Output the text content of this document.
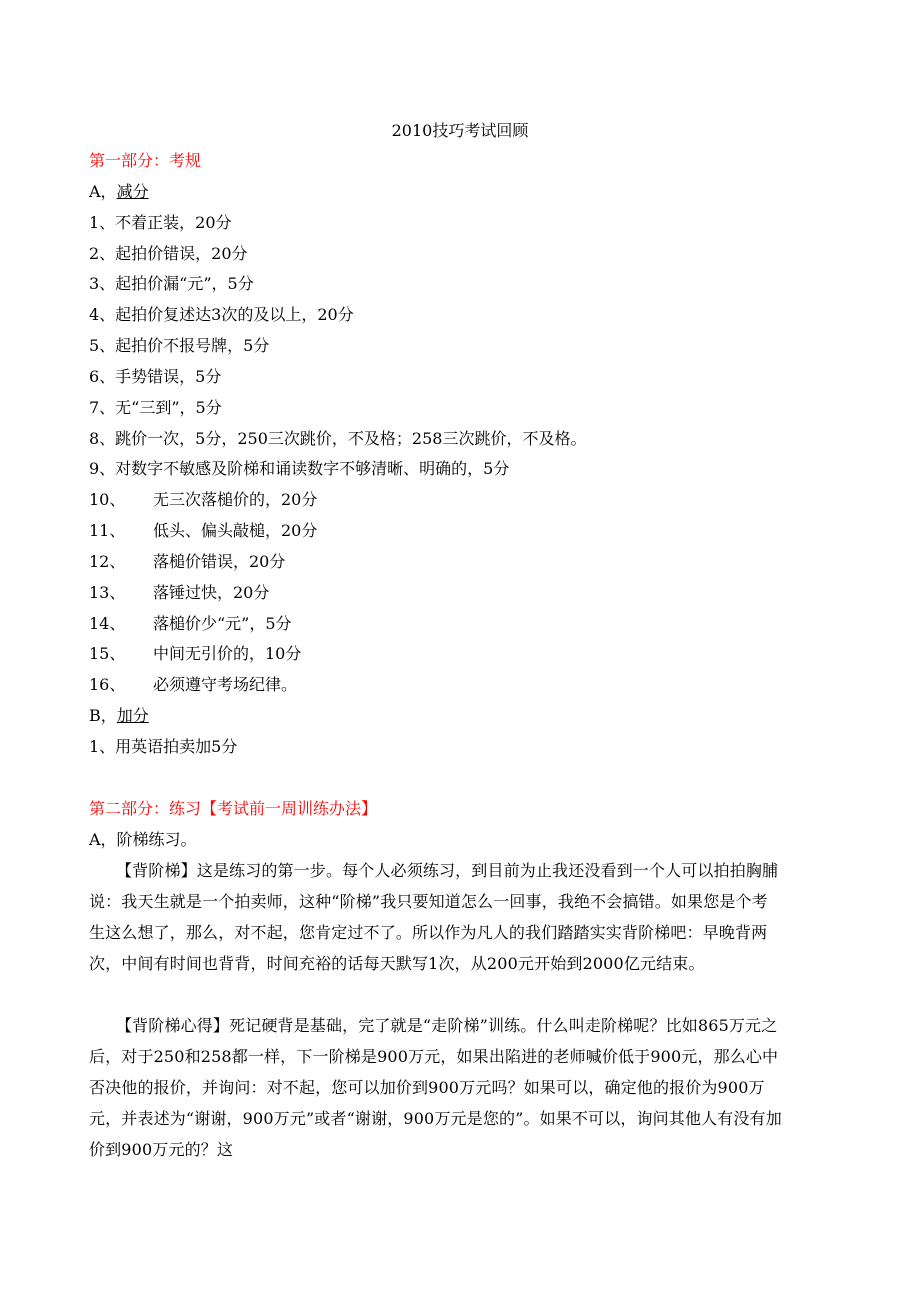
2010技巧考试回顾
第一部分：考规
A，减分
1、不着正装，20分
2、起拍价错误，20分
3、起拍价漏“元”，5分
4、起拍价复述达3次的及以上，20分
5、起拍价不报号牌，5分
6、手势错误，5分
7、无“三到”，5分
8、跳价一次，5分，250三次跳价，不及格；258三次跳价，不及格。
9、对数字不敏感及阶梯和诵读数字不够清晰、明确的，5分
10、 无三次落槌价的，20分
11、 低头、偏头敲槌，20分
12、 落槌价错误，20分
13、 落锤过快，20分
14、 落槌价少“元”，5分
15、 中间无引价的，10分
16、 必须遵守考场纪律。
B，加分
1、用英语拍卖加5分
第二部分：练习【考试前一周训练办法】
A，阶梯练习。
【背阶梯】这是练习的第一步。每个人必须练习，到目前为止我还没看到一个人可以拍拍胸脯说：我天生就是一个拍卖师，这种“阶梯”我只要知道怎么一回事，我绝不会搞错。如果您是个考生这么想了，那么，对不起，您肯定过不了。所以作为凡人的我们踏踏实实背阶梯吧：早晚背两次，中间有时间也背背，时间充裕的话每天默写1次，从200元开始到2000亿元结束。
【背阶梯心得】死记硬背是基础，完了就是“走阶梯”训练。什么叫走阶梯呢？比如865万元之后，对于250和258都一样，下一阶梯是900万元，如果出陷进的老师喊价低于900元，那么心中否决他的报价，并询问：对不起，您可以加价到900万元吗？如果可以，确定他的报价为900万元，并表述为“谢谢，900万元”或者“谢谢，900万元是您的”。如果不可以，询问其他人有没有加价到900万元的？这
